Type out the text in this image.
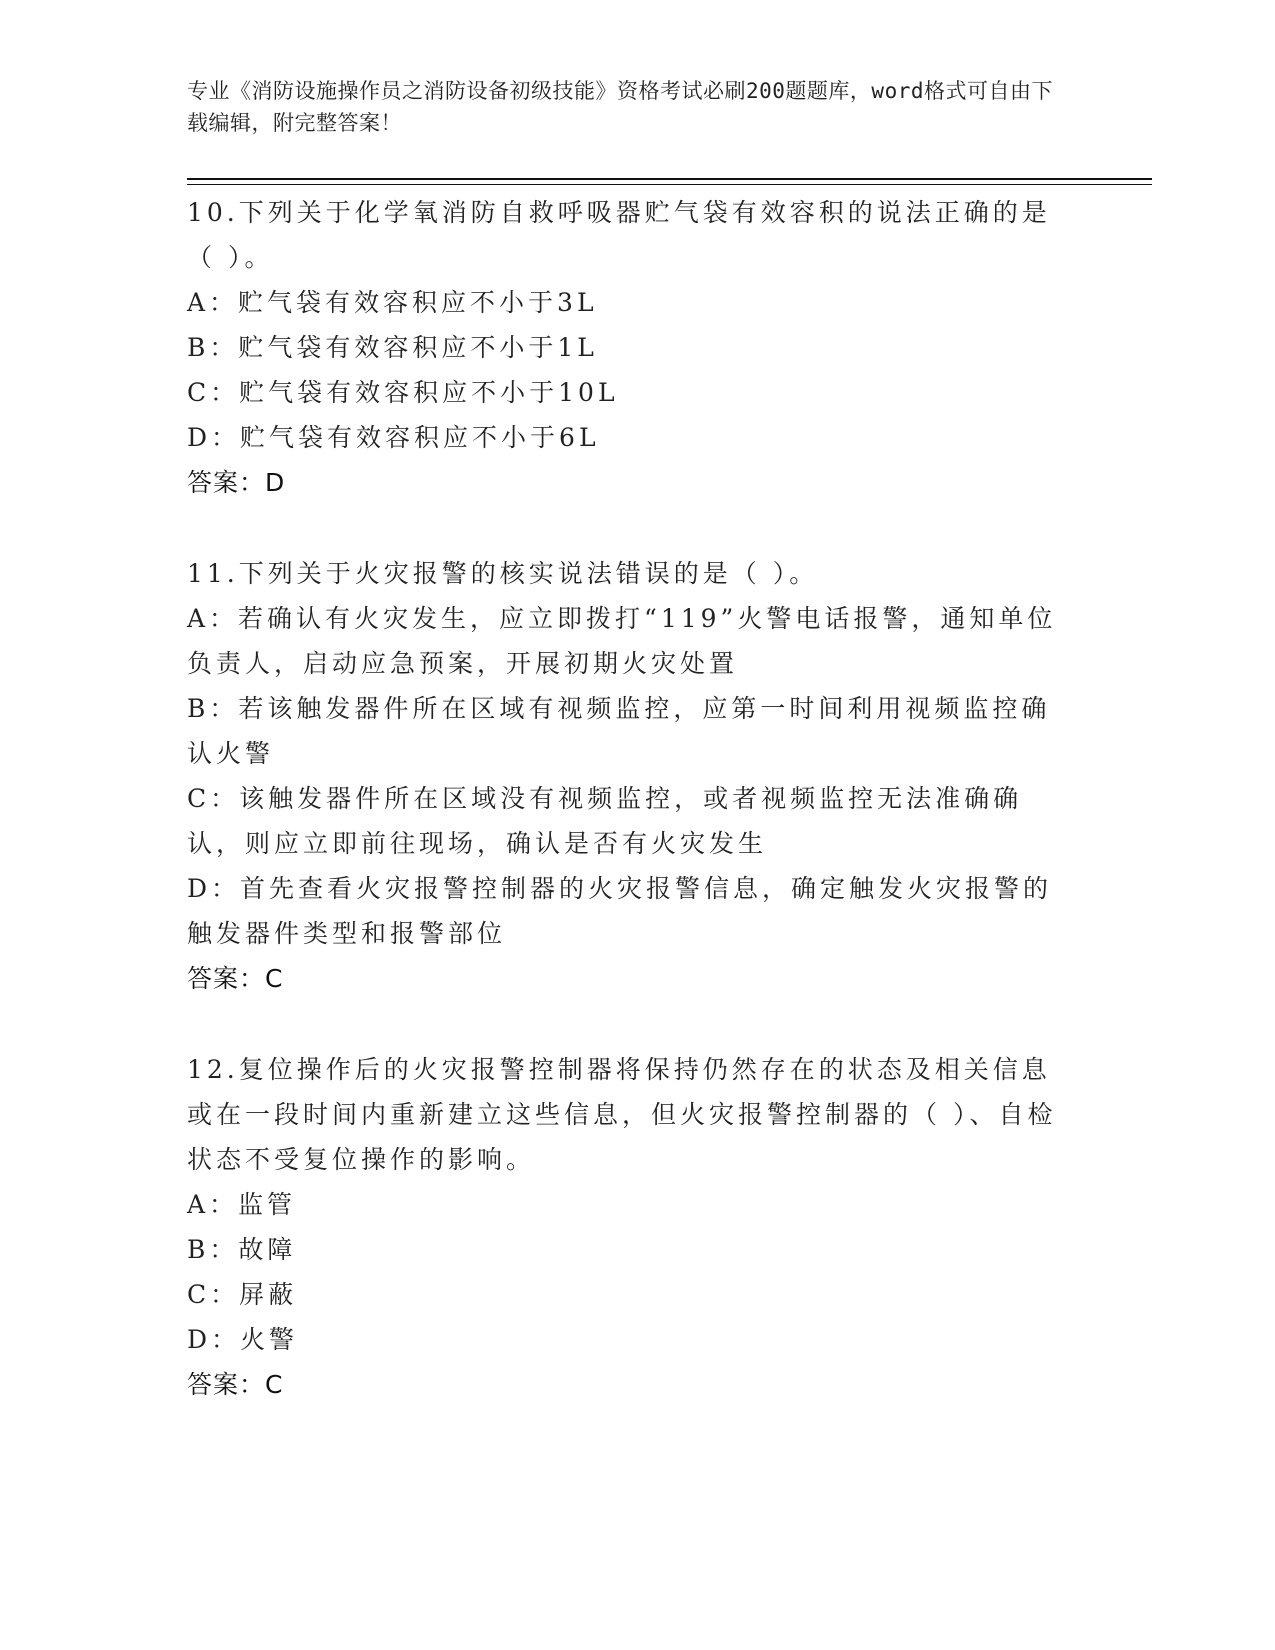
专业《消防设施操作员之消防设备初级技能》资格考试必刷200题题库，word格式可自由下载编辑，附完整答案！

10.下列关于化学氧消防自救呼吸器贮气袋有效容积的说法正确的是（ ）。

A：贮气袋有效容积应不小于3L

B：贮气袋有效容积应不小于1L

C：贮气袋有效容积应不小于10L

D：贮气袋有效容积应不小于6L

答案：D

11.下列关于火灾报警的核实说法错误的是（ ）。

A：若确认有火灾发生，应立即拨打“119”火警电话报警，通知单位负责人，启动应急预案，开展初期火灾处置

B：若该触发器件所在区域有视频监控，应第一时间利用视频监控确认火警

C：该触发器件所在区域没有视频监控，或者视频监控无法准确确认，则应立即前往现场，确认是否有火灾发生

D：首先查看火灾报警控制器的火灾报警信息，确定触发火灾报警的触发器件类型和报警部位

答案：C

12.复位操作后的火灾报警控制器将保持仍然存在的状态及相关信息或在一段时间内重新建立这些信息，但火灾报警控制器的（ ）、自检状态不受复位操作的影响。

A：监管

B：故障

C：屏蔽

D：火警

答案：C
